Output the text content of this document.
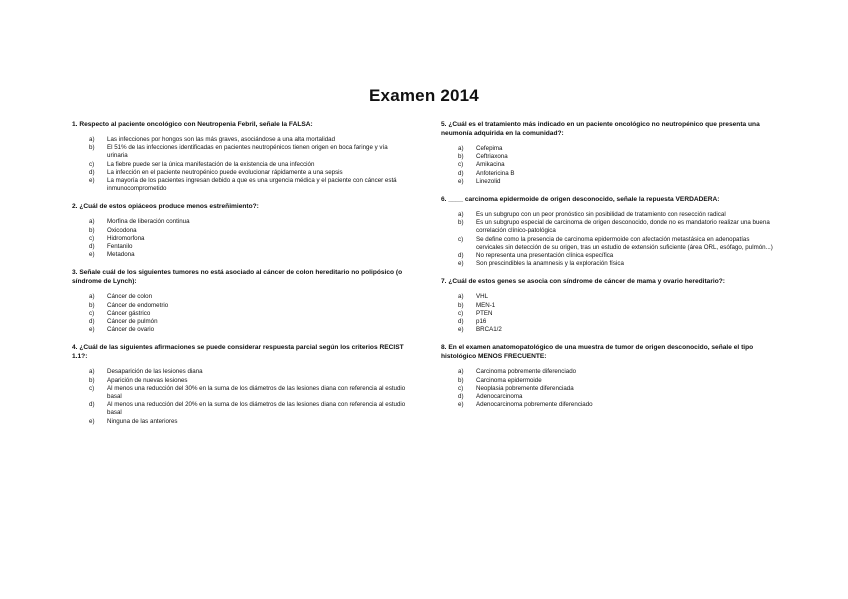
Examen 2014
1. Respecto al paciente oncológico con Neutropenia Febril, señale la FALSA:
a)	Las infecciones por hongos son las más graves, asociándose a una alta mortalidad
b)	El 51% de las infecciones identificadas en pacientes neutropénicos tienen origen en boca faringe y vía urinaria
c)	La fiebre puede ser la única manifestación de la existencia de una infección
d)	La infección en el paciente neutropénico puede evolucionar rápidamente a una sepsis
e)	La mayoría de los pacientes ingresan debido a que es una urgencia médica y el paciente con cáncer está inmunocomprometido
2. ¿Cuál de estos opiáceos produce menos estreñimiento?:
a)	Morfina de liberación continua
b)	Oxicodona
c)	Hidromorfona
d)	Fentanilo
e)	Metadona
3. Señale cuál de los siguientes tumores no está asociado al cáncer de colon hereditario no polipósico (o síndrome de Lynch):
a)	Cáncer de colon
b)	Cáncer de endometrio
c)	Cáncer gástrico
d)	Cáncer de pulmón
e)	Cáncer de ovario
4. ¿Cuál de las siguientes afirmaciones se puede considerar respuesta parcial según los criterios RECIST 1.1?:
a)	Desaparición de las lesiones diana
b)	Aparición de nuevas lesiones
c)	Al menos una reducción del 30% en la suma de los diámetros de las lesiones diana con referencia al estudio basal
d)	Al menos una reducción del 20% en la suma de los diámetros de las lesiones diana con referencia al estudio basal
e)	Ninguna de las anteriores
5. ¿Cuál es el tratamiento más indicado en un paciente oncológico no neutropénico que presenta una neumonía adquirida en la comunidad?:
a)	Cefepima
b)	Ceftriaxona
c)	Amikacina
d)	Anfotericina B
e)	Linezolid
6. ____ carcinoma epidermoide de origen desconocido, señale la repuesta VERDADERA:
a)	Es un subgrupo con un peor pronóstico sin posibilidad de tratamiento con resección radical
b)	Es un subgrupo especial de carcinoma de origen desconocido, donde no es mandatorio realizar una buena correlación clínico-patológica
c)	Se define como la presencia de carcinoma epidermoide con afectación metastásica en adenopatías cervicales sin detección de su origen, tras un estudio de extensión suficiente (área ORL, esófago, pulmón...)
d)	No representa una presentación clínica específica
e)	Son prescindibles la anamnesis y la exploración física
7. ¿Cuál de estos genes se asocia con síndrome de cáncer de mama y ovario hereditario?:
a)	VHL
b)	MEN-1
c)	PTEN
d)	p16
e)	BRCA1/2
8. En el examen anatomopatológico de una muestra de tumor de origen desconocido, señale el tipo histológico MENOS FRECUENTE:
a)	Carcinoma pobremente diferenciado
b)	Carcinoma epidermoide
c)	Neoplasia pobremente diferenciada
d)	Adenocarcinoma
e)	Adenocarcinoma pobremente diferenciado
